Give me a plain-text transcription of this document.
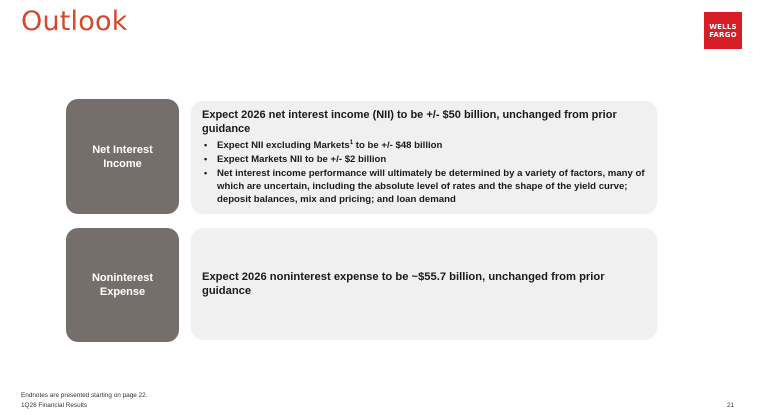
Outlook	WELLS
FARGO
Net Interest
Income
Expect 2026 net interest income (NII) to be +/- $50 billion, unchanged from prior guidance
• Expect NII excluding Markets$^1$ to be +/- $48 billion
• Expect Markets NII to be +/- $2 billion
• Net interest income performance will ultimately be determined by a variety of factors, many of which are uncertain, including the absolute level of rates and the shape of the yield curve; deposit balances, mix and pricing; and loan demand
Noninterest
Expense
Expect 2026 noninterest expense to be ~$55.7 billion, unchanged from prior guidance
Endnotes are presented starting on page 22.
1Q26 Financial Results	21
